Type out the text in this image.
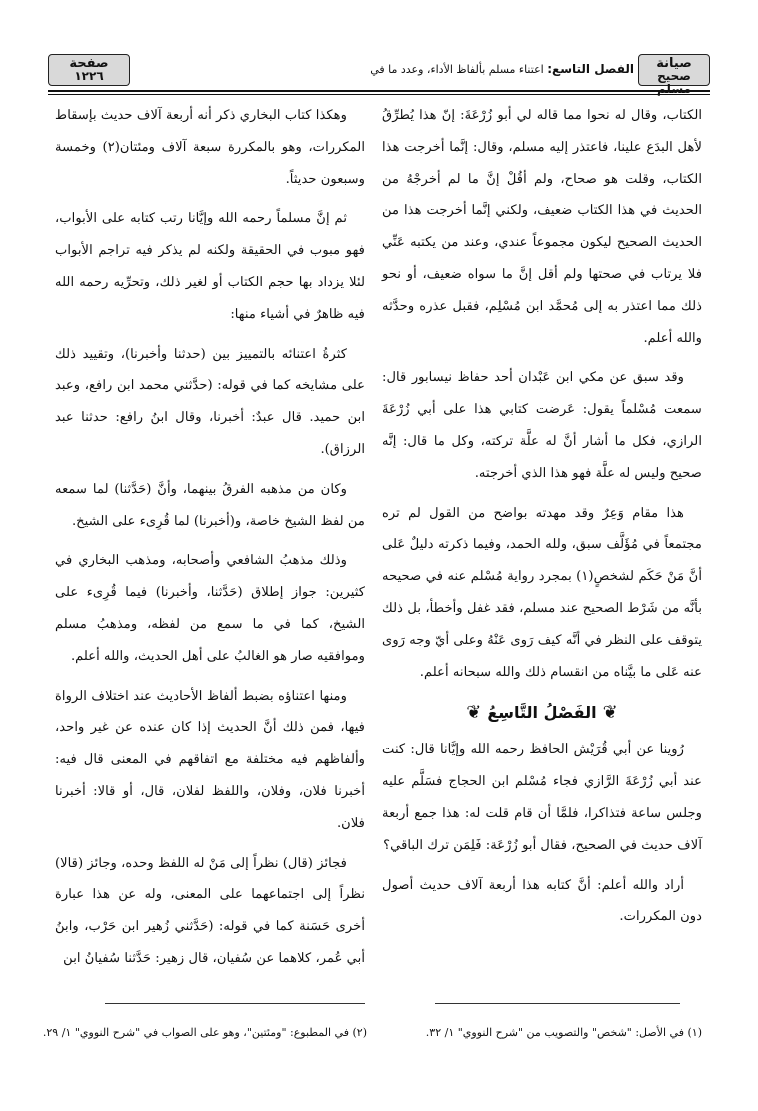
صيانة
صحيح مسلم
الفصل التاسع: اعتناء مسلم بألفاظ الأداء، وعدد ما في
صفحة
١٢٢٦

الكتاب، وقال له نحوا مما قاله لي أبو زُرْعَةَ: إنّ هذا يُطرِّقُ لأهل البدَع علينا، فاعتذر إليه مسلم، وقال: إنَّما أخرجت هذا الكتاب، وقلت هو صحاح، ولم أقُلْ إنَّ ما لم أخرجْهُ من الحديث في هذا الكتاب ضعيف، ولكني إنَّما أخرجت هذا من الحديث الصحيح ليكون مجموعاً عندي، وعند من يكتبه عَنِّي فلا يرتاب في صحتها ولم أقل إنَّ ما سواه ضعيف، أو نحو ذلك مما اعتذر به إلى مُحمَّد ابن مُسْلِم، فقبل عذره وحدَّثه والله أعلم.

وقد سبق عن مكي ابن عَبْدان أحد حفاظ نيسابور قال: سمعت مُسْلماً يقول: عَرضت كتابي هذا على أبي زُرْعَةَ الرازي، فكل ما أشار أنَّ له علَّة تركته، وكل ما قال: إنَّه صحيح وليس له علَّة فهو هذا الذي أخرجته.

هذا مقام وَعِرٌ وقد مهدته بواضح من القول لم تره مجتمعاً في مُؤَلَّف سبق، ولله الحمد، وفيما ذكرته دليلٌ عَلى أنَّ مَنْ حَكَم لشخصٍ(١) بمجرد رواية مُسْلم عنه في صحيحه بأنَّه من شَرْط الصحيح عند مسلم، فقد غفل وأخطأ، بل ذلك يتوقف على النظر في أنَّه كيف رَوى عَنْهُ وعلى أيّ وجه رَوى عنه عَلى ما بيَّناه من انقسام ذلك والله سبحانه أعلم.

❦الفَصْلُ التَّاسِعُ❦

رُوينا عن أبي قُرَيْش الحافظ رحمه الله وإيَّانا قال: كنت عند أبي زُرْعَةَ الرَّازي فجاء مُسْلم ابن الحجاج فسَلَّم عليه وجلس ساعة فتذاكرا، فلمَّا أن قام قلت له: هذا جمع أربعة آلاف حديث في الصحيح، فقال أبو زُرْعَة: فَلِمَن ترك الباقي؟

أراد والله أعلم: أنَّ كتابه هذا أربعة آلاف حديث أصول دون المكررات.

وهكذا كتاب البخاري ذكر أنه أربعة آلاف حديث بإسقاط المكررات، وهو بالمكررة سبعة آلاف ومئتان(٢) وخمسة وسبعون حديثاً.

ثم إنَّ مسلماً رحمه الله وإيَّانا رتب كتابه على الأبواب، فهو مبوب في الحقيقة ولكنه لم يذكر فيه تراجم الأبواب لئلا يزداد بها حجم الكتاب أو لغير ذلك، وتحرِّيه رحمه الله فيه ظاهرٌ في أشياء منها:

كثرةُ اعتنائه بالتمييز بين (حدثنا وأخبرنا)، وتقييد ذلك على مشايخه كما في قوله: (حدَّثني محمد ابن رافع، وعبد ابن حميد. قال عبدٌ: أخبرنا، وقال ابنُ رافع: حدثنا عبد الرزاق).

وكان من مذهبه الفرقُ بينهما، وأنَّ (حَدَّثنا) لما سمعه من لفظ الشيخ خاصة، و(أخبرنا) لما قُرِىء على الشيخ.

وذلك مذهبُ الشافعي وأصحابه، ومذهب البخاري في كثيرين: جواز إطلاق (حَدَّثنا، وأخبرنا) فيما قُرِىء على الشيخ، كما في ما سمع من لفظه، ومذهبُ مسلم وموافقيه صار هو الغالبُ على أهل الحديث، والله أعلم.

ومنها اعتناؤه بضبط ألفاظ الأحاديث عند اختلاف الرواة فيها، فمن ذلك أنَّ الحديث إذا كان عنده عن غير واحد، وألفاظهم فيه مختلفة مع اتفاقهم في المعنى قال فيه: أخبرنا فلان، وفلان، واللفظ لفلان، قال، أو قالا: أخبرنا فلان.

فجائز (قال) نظراً إلى مَنْ له اللفظ وحده، وجائز (قالا) نظراً إلى اجتماعهما على المعنى، وله عن هذا عبارة أخرى حَسَنة كما في قوله: (حَدَّثني زُهير ابن حَرْب، وابنُ أبي عُمر، كلاهما عن سُفيان، قال زهير: حَدَّثنا سُفيانُ ابن

(١) في الأصل: "شخص" والتصويب من "شرح النووي" ١/ ٣٢.
(٢) في المطبوع: "ومئتين"، وهو على الصواب في "شرح النووي" ١/ ٢٩.
